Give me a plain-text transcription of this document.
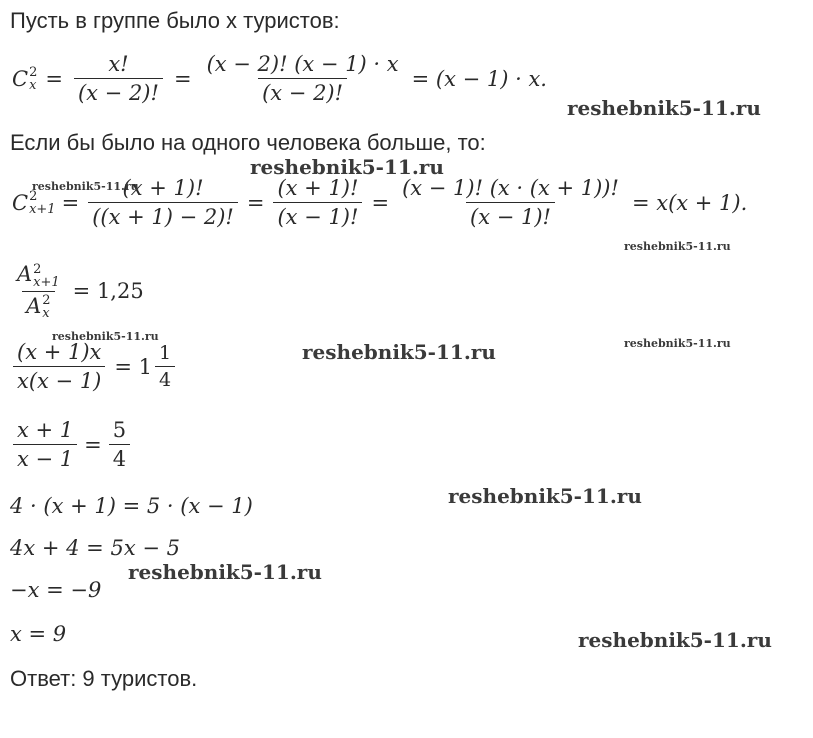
Пусть в группе было x туристов:
C 2
$x = \frac{x!}{(x - 2)!} = \frac{(x - 2)! (x - 1) \cdot x}{(x - 2)!} = (x - 1) \cdot x$.
Если бы было на одного человека больше, то:
C 2
$x+1 = \frac{(x + 1)!}{((x + 1) - 2)!} = \frac{(x + 1)!}{(x - 1)!} = \frac{(x - 1)! (x \cdot (x + 1))!}{(x - 1)!} = x(x + 1)$.
A 2
x+1
A 2
x = 1,25
$\frac{(x + 1)x}{x(x - 1)} = 1 \frac{1}{4}$
$\frac{x + 1}{x - 1} = \frac{5}{4}$
4 · (x + 1) = 5 · (x − 1)
4x + 4 = 5x − 5
−x = −9
x = 9
Ответ: 9 туристов.
reshebnik5-11.ru
reshebnik5-11.ru
reshebnik5-11.ru
reshebnik5-11.ru
reshebnik5-11.ru
reshebnik5-11.ru	reshebnik5-11.ru
reshebnik5-11.ru
reshebnik5-11.ru
reshebnik5-11.ru
